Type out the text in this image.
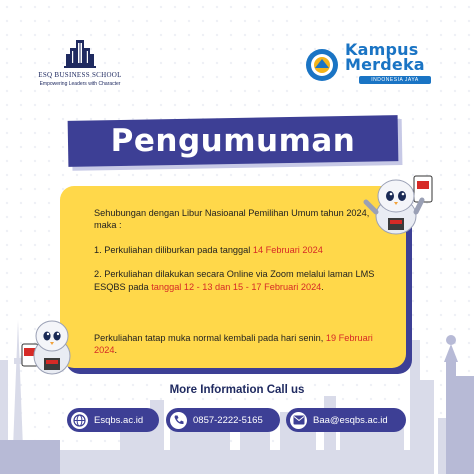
ESQ BUSINESS SCHOOL
Empowering Leaders with Character
Kampus
Merdeka
INDONESIA JAYA
Pengumuman

Sehubungan dengan Libur Nasioanal Pemilihan Umum tahun 2024, maka :

1. Perkuliahan diliburkan pada tanggal 14 Februari 2024

2. Perkuliahan dilakukan secara Online via Zoom melalui laman LMS ESQBS pada tanggal 12 - 13 dan 15 - 17 Februari 2024.

Perkuliahan tatap muka normal kembali pada hari senin, 19 Februari 2024.
More Information Call us
Esqbs.ac.id	0857-2222-5165	Baa@esqbs.ac.id
